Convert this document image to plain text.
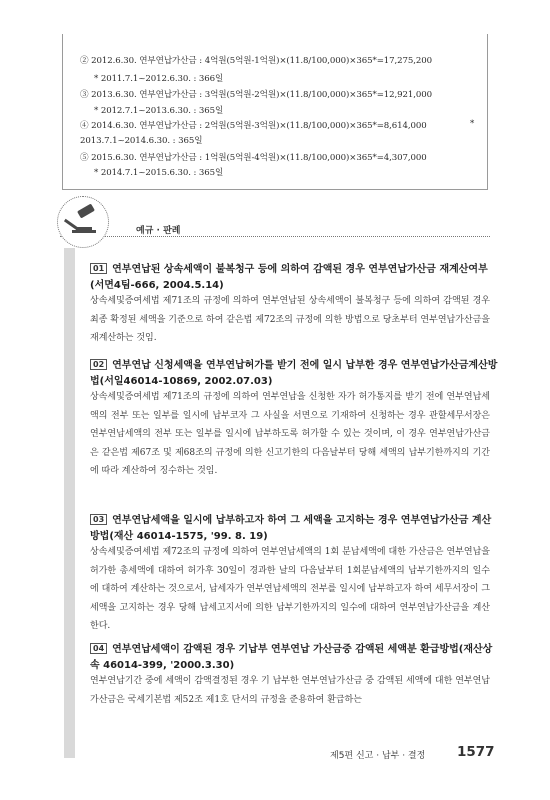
② 2012.6.30. 연부연납가산금 : 4억원(5억원-1억원)×(11.8/100,000)×365*=17,275,200
* 2011.7.1~2012.6.30. : 366일
③ 2013.6.30. 연부연납가산금 : 3억원(5억원-2억원)×(11.8/100,000)×365*=12,921,000
* 2012.7.1~2013.6.30. : 365일
④ 2014.6.30. 연부연납가산금 : 2억원(5억원-3억원)×(11.8/100,000)×365*=8,614,000	*
2013.7.1~2014.6.30. : 365일
⑤ 2015.6.30. 연부연납가산금 : 1억원(5억원-4억원)×(11.8/100,000)×365*=4,307,000
* 2014.7.1~2015.6.30. : 365일
예규 · 판례
01 연부연납된 상속세액이 불복청구 등에 의하여 감액된 경우 연부연납가산금 재계산여부(서면4팀-666, 2004.5.14)
상속세및증여세법 제71조의 규정에 의하여 연부연납된 상속세액이 불복청구 등에 의하여 감액된 경우 최종 확정된 세액을 기준으로 하여 같은법 제72조의 규정에 의한 방법으로 당초부터 연부연납가산금을 재계산하는 것임.
02 연부연납 신청세액을 연부연납허가를 받기 전에 일시 납부한 경우 연부연납가산금계산방법(서일46014-10869, 2002.07.03)
상속세및증여세법 제71조의 규정에 의하여 연부연납을 신청한 자가 허가통지를 받기 전에 연부연납세액의 전부 또는 일부를 일시에 납부코자 그 사실을 서면으로 기재하여 신청하는 경우 관할세무서장은 연부연납세액의 전부 또는 일부를 일시에 납부하도록 허가할 수 있는 것이며, 이 경우 연부연납가산금은 같은법 제67조 및 제68조의 규정에 의한 신고기한의 다음날부터 당해 세액의 납부기한까지의 기간에 따라 계산하여 징수하는 것임.
03 연부연납세액을 일시에 납부하고자 하여 그 세액을 고지하는 경우 연부연납가산금 계산 방법(재산 46014-1575, '99. 8. 19)
상속세및증여세법 제72조의 규정에 의하여 연부연납세액의 1회 분납세액에 대한 가산금은 연부연납을 허가한 총세액에 대하여 허가후 30일이 경과한 날의 다음날부터 1회분납세액의 납부기한까지의 일수에 대하여 계산하는 것으로서, 납세자가 연부연납세액의 전부를 일시에 납부하고자 하여 세무서장이 그 세액을 고지하는 경우 당해 납세고지서에 의한 납부기한까지의 일수에 대하여 연부연납가산금을 계산한다.
04 연부연납세액이 감액된 경우 기납부 연부연납 가산금중 감액된 세액분 환급방법(재산상속 46014-399, '2000.3.30)
연부연납기간 중에 세액이 감액결정된 경우 기 납부한 연부연납가산금 중 감액된 세액에 대한 연부연납가산금은 국세기본법 제52조 제1호 단서의 규정을 준용하여 환급하는
제5편 신고 · 납부 · 결정 1577
